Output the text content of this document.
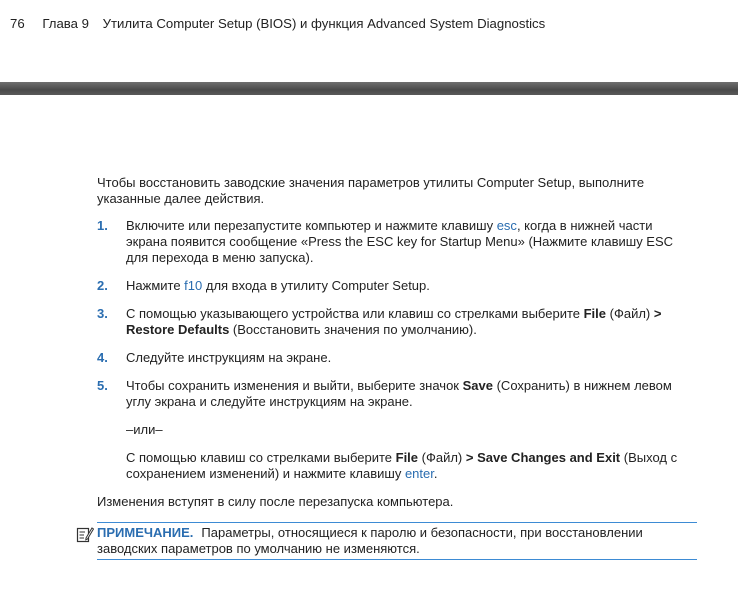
76 Глава 9 Утилита Computer Setup (BIOS) и функция Advanced System Diagnostics

Чтобы восстановить заводские значения параметров утилиты Computer Setup, выполните указанные далее действия.

1. Включите или перезапустите компьютер и нажмите клавишу esc, когда в нижней части экрана появится сообщение «Press the ESC key for Startup Menu» (Нажмите клавишу ESC для перехода в меню запуска).
2. Нажмите f10 для входа в утилиту Computer Setup.
3. С помощью указывающего устройства или клавиш со стрелками выберите File (Файл) > Restore Defaults (Восстановить значения по умолчанию).
4. Следуйте инструкциям на экране.
5. Чтобы сохранить изменения и выйти, выберите значок Save (Сохранить) в нижнем левом углу экрана и следуйте инструкциям на экране.

–или–

С помощью клавиш со стрелками выберите File (Файл) > Save Changes and Exit (Выход с сохранением изменений) и нажмите клавишу enter.

Изменения вступят в силу после перезапуска компьютера.

ПРИМЕЧАНИЕ. Параметры, относящиеся к паролю и безопасности, при восстановлении заводских параметров по умолчанию не изменяются.
